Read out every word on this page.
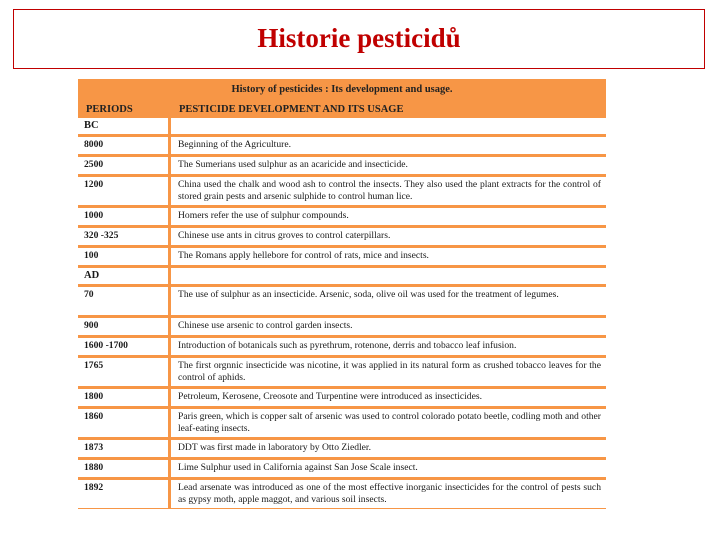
Historie pesticidů
History of pesticides : Its development and usage.
PERIODS	PESTICIDE DEVELOPMENT AND ITS USAGE
BC
8000	Beginning of the Agriculture.
2500	The Sumerians used sulphur as an acaricide and insecticide.
1200	China used the chalk and wood ash to control the insects. They also used the plant extracts for the control of stored grain pests and arsenic sulphide to control human lice.
1000	Homers refer the use of sulphur compounds.
320 -325	Chinese use ants in citrus groves to control caterpillars.
100	The Romans apply hellebore for control of rats, mice and insects.
AD
70	The use of sulphur as an insecticide. Arsenic, soda, olive oil was used for the treatment of legumes.
900	Chinese use arsenic to control garden insects.
1600 -1700	Introduction of botanicals such as pyrethrum, rotenone, derris and tobacco leaf infusion.
1765	The first orgnnic insecticide was nicotine, it was applied in its natural form as crushed tobacco leaves for the control of aphids.
1800	Petroleum, Kerosene, Creosote and Turpentine were introduced as insecticides.
1860	Paris green, which is copper salt of arsenic was used to control colorado potato beetle, codling moth and other leaf-eating insects.
1873	DDT was first made in laboratory by Otto Ziedler.
1880	Lime Sulphur used in California against San Jose Scale insect.
1892	Lead arsenate was introduced as one of the most effective inorganic insecticides for the control of pests such as gypsy moth, apple maggot, and various soil insects.
